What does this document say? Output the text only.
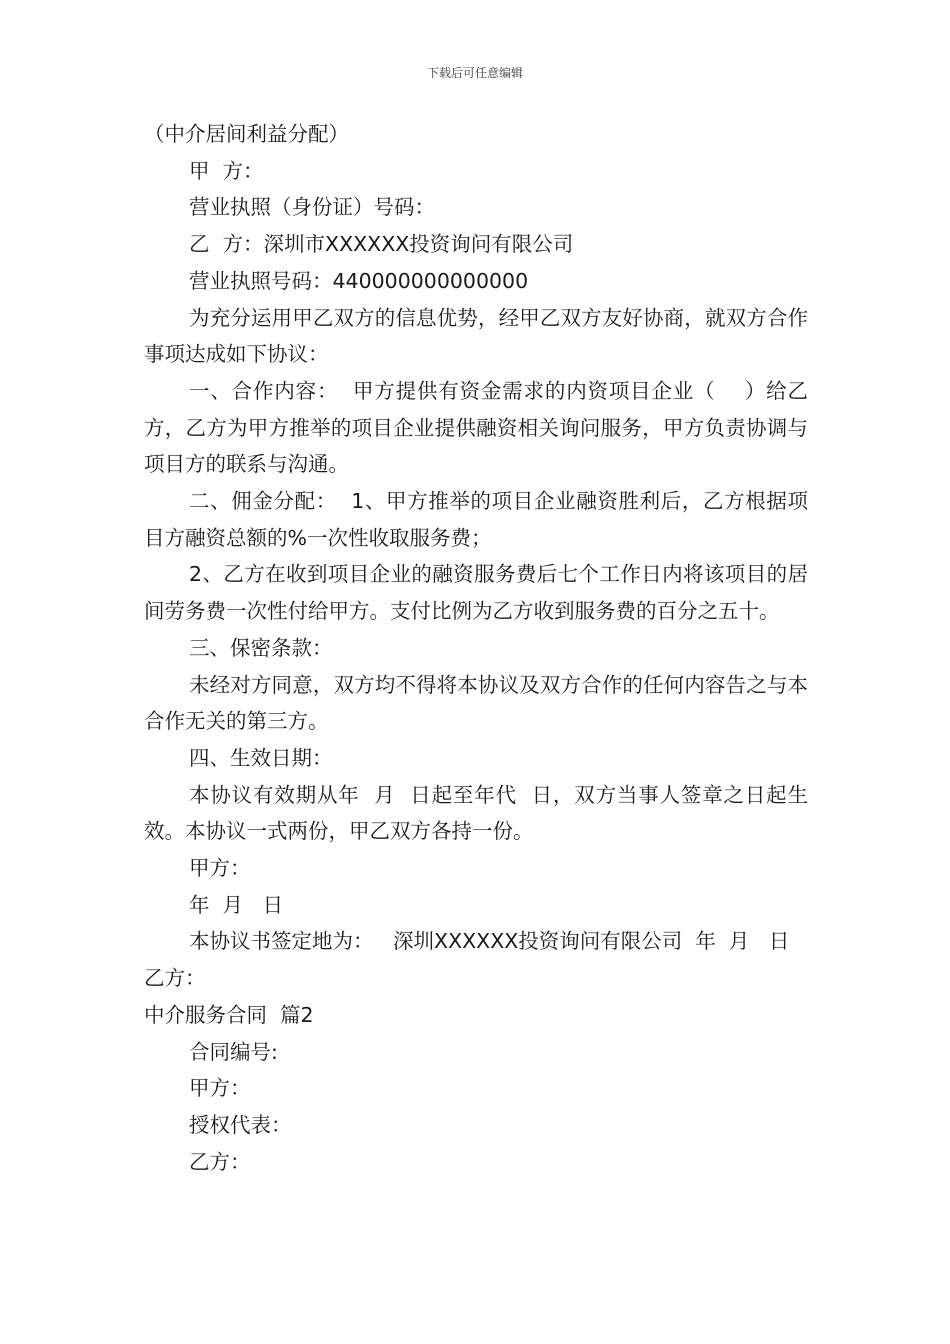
下载后可任意编辑

（中介居间利益分配）

甲  方：

营业执照（身份证）号码：

乙  方：深圳市XXXXXX投资询问有限公司

营业执照号码：440000000000000

为充分运用甲乙双方的信息优势，经甲乙双方友好协商，就双方合作事项达成如下协议：

一、合作内容：  甲方提供有资金需求的内资项目企业（    ）给乙方，乙方为甲方推举的项目企业提供融资相关询问服务，甲方负责协调与项目方的联系与沟通。

二、佣金分配：  1、甲方推举的项目企业融资胜利后，乙方根据项目方融资总额的%一次性收取服务费；

2、乙方在收到项目企业的融资服务费后七个工作日内将该项目的居间劳务费一次性付给甲方。支付比例为乙方收到服务费的百分之五十。

三、保密条款：

未经对方同意，双方均不得将本协议及双方合作的任何内容告之与本合作无关的第三方。

四、生效日期：

本协议有效期从年  月  日起至年代  日，双方当事人签章之日起生效。本协议一式两份，甲乙双方各持一份。

甲方：

年  月   日

本协议书签定地为：   深圳XXXXXX投资询问有限公司  年  月   日

乙方：

中介服务合同  篇2

合同编号:

甲方：

授权代表：

乙方：
